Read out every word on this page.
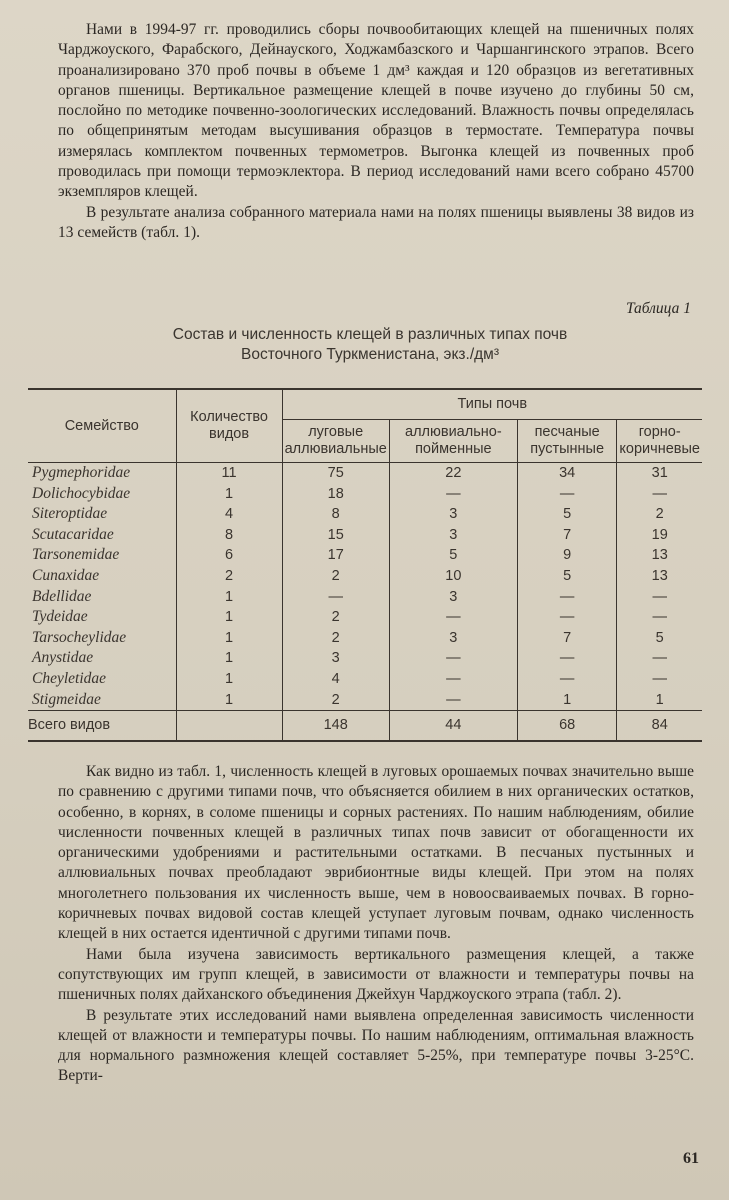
Нами в 1994-97 гг. проводились сборы почвообитающих клещей на пшеничных полях Чарджоуского, Фарабского, Дейнауского, Ходжамбазского и Чаршангинского этрапов. Всего проанализировано 370 проб почвы в объеме 1 дм³ каждая и 120 образцов из вегетативных органов пшеницы. Вертикальное размещение клещей в почве изучено до глубины 50 см, послойно по методике почвенно-зоологических исследований. Влажность почвы определялась по общепринятым методам высушивания образцов в термостате. Температура почвы измерялась комплектом почвенных термометров. Выгонка клещей из почвенных проб проводилась при помощи термоэклектора. В период исследований нами всего собрано 45700 экземпляров клещей.

В результате анализа собранного материала нами на полях пшеницы выявлены 38 видов из 13 семейств (табл. 1).

Таблица 1
Состав и численность клещей в различных типах почв
Восточного Туркменистана, экз./дм³
Семейство	Количество видов	Типы почв			
		луговые аллювиальные	аллювиально-пойменные	песчаные пустынные	горно-коричневые
Pygmephoridae	11	75	22	34	31
Dolichocybidae	1	18	—	—	—
Siteroptidae	4	8	3	5	2
Scutacaridae	8	15	3	7	19
Tarsonemidae	6	17	5	9	13
Cunaxidae	2	2	10	5	13
Bdellidae	1	—	3	—	—
Tydeidae	1	2	—	—	—
Tarsocheylidae	1	2	3	7	5
Anystidae	1	3	—	—	—
Cheyletidae	1	4	—	—	—
Stigmeidae	1	2	—	1	1
Всего видов		148	44	68	84

Как видно из табл. 1, численность клещей в луговых орошаемых почвах значительно выше по сравнению с другими типами почв, что объясняется обилием в них органических остатков, особенно, в корнях, в соломе пшеницы и сорных растениях. По нашим наблюдениям, обилие численности почвенных клещей в различных типах почв зависит от обогащенности их органическими удобрениями и растительными остатками. В песчаных пустынных и аллювиальных почвах преобладают эврибионтные виды клещей. При этом на полях многолетнего пользования их численность выше, чем в новоосваиваемых почвах. В горно-коричневых почвах видовой состав клещей уступает луговым почвам, однако численность клещей в них остается идентичной с другими типами почв.

Нами была изучена зависимость вертикального размещения клещей, а также сопутствующих им групп клещей, в зависимости от влажности и температуры почвы на пшеничных полях дайханского объединения Джейхун Чарджоуского этрапа (табл. 2).

В результате этих исследований нами выявлена определенная зависимость численности клещей от влажности и температуры почвы. По нашим наблюдениям, оптимальная влажность для нормального размножения клещей составляет 5-25%, при температуре почвы 3-25°С. Верти-

61
